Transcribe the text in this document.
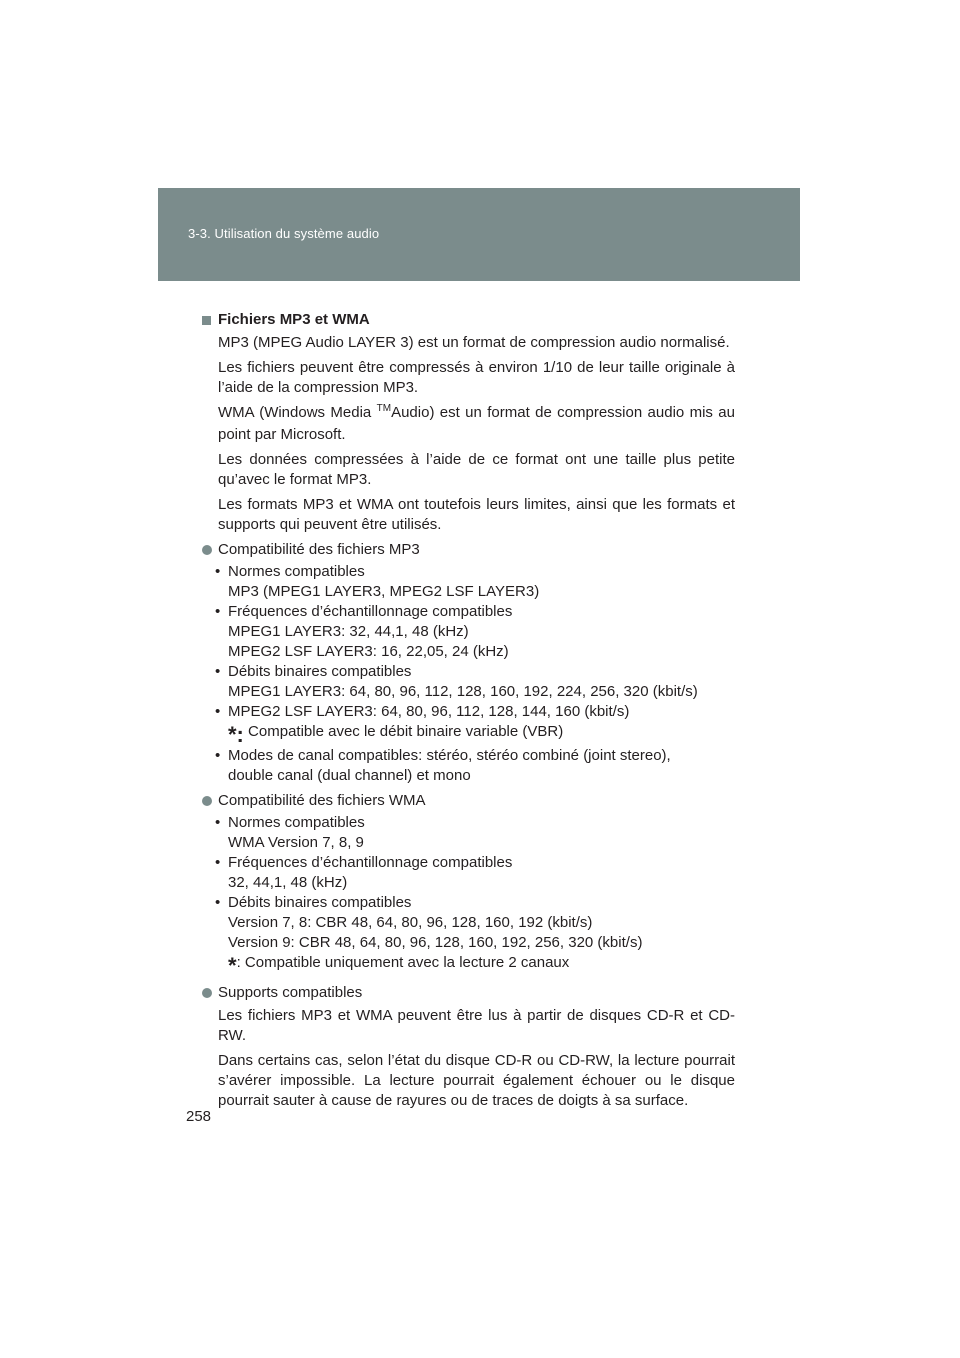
3-3. Utilisation du système audio
Fichiers MP3 et WMA

MP3 (MPEG Audio LAYER 3) est un format de compression audio normalisé.

Les fichiers peuvent être compressés à environ 1/10 de leur taille originale à l’aide de la compression MP3.

WMA (Windows Media ™Audio) est un format de compression audio mis au point par Microsoft.

Les données compressées à l’aide de ce format ont une taille plus petite qu’avec le format MP3.

Les formats MP3 et WMA ont toutefois leurs limites, ainsi que les formats et supports qui peuvent être utilisés.

Compatibilité des fichiers MP3
• Normes compatibles
MP3 (MPEG1 LAYER3, MPEG2 LSF LAYER3)
• Fréquences d’échantillonnage compatibles
MPEG1 LAYER3: 32, 44,1, 48 (kHz)
MPEG2 LSF LAYER3: 16, 22,05, 24 (kHz)
• Débits binaires compatibles
MPEG1 LAYER3: 64, 80, 96, 112, 128, 160, 192, 224, 256, 320 (kbit/s)
• MPEG2 LSF LAYER3: 64, 80, 96, 112, 128, 144, 160 (kbit/s)
*: Compatible avec le débit binaire variable (VBR)
• Modes de canal compatibles: stéréo, stéréo combiné (joint stereo),
double canal (dual channel) et mono
Compatibilité des fichiers WMA
• Normes compatibles
WMA Version 7, 8, 9
• Fréquences d’échantillonnage compatibles
32, 44,1, 48 (kHz)
• Débits binaires compatibles
Version 7, 8: CBR 48, 64, 80, 96, 128, 160, 192 (kbit/s)
Version 9: CBR 48, 64, 80, 96, 128, 160, 192, 256, 320 (kbit/s)
*: Compatible uniquement avec la lecture 2 canaux
Supports compatibles

Les fichiers MP3 et WMA peuvent être lus à partir de disques CD-R et CD-RW.

Dans certains cas, selon l’état du disque CD-R ou CD-RW, la lecture pourrait s’avérer impossible. La lecture pourrait également échouer ou le disque pourrait sauter à cause de rayures ou de traces de doigts à sa surface.

258
